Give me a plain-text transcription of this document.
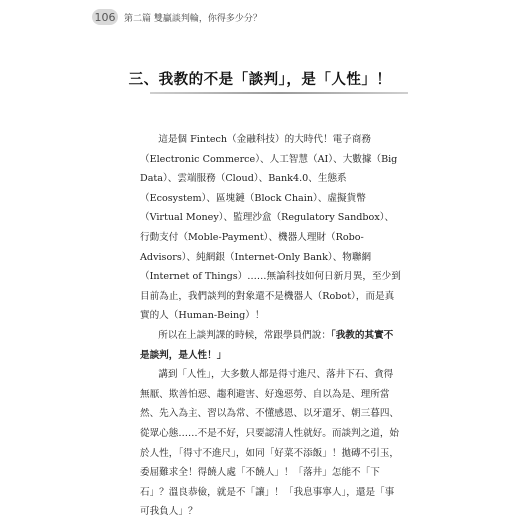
106 第二篇 雙贏談判輪，你得多少分？
三、我教的不是「談判」，是「人性」！

這是個 Fintech（金融科技）的大時代！電子商務（Electronic Commerce）、人工智慧（AI）、大數據（Big Data）、雲端服務（Cloud）、Bank4.0、生態系（Ecosystem）、區塊鏈（Block Chain）、虛擬貨幣（Virtual Money）、監理沙盒（Regulatory Sandbox）、行動支付（Moble-Payment）、機器人理財（Robo-Advisors）、純網銀（Internet-Only Bank）、物聯網（Internet of Things）……無論科技如何日新月異，至少到目前為止，我們談判的對象還不是機器人（Robot），而是真實的人（Human-Being）！

所以在上談判課的時候，常跟學員們說：「我教的其實不是談判，是人性！」

講到「人性」，大多數人都是得寸進尺、落井下石、貪得無厭、欺善怕惡、趨利避害、好逸惡勞、自以為是、理所當然、先入為主、習以為常、不懂感恩、以牙還牙、朝三暮四、從眾心態……不是不好，只要認清人性就好。而談判之道，始於人性，「得寸不進尺」，如同「好菜不添飯」！拋磚不引玉，委屈難求全！得饒人處「不饒人」！「落井」怎能不「下石」？溫良恭儉，就是不「讓」！「我息事寧人」，還是「事可我負人」？
